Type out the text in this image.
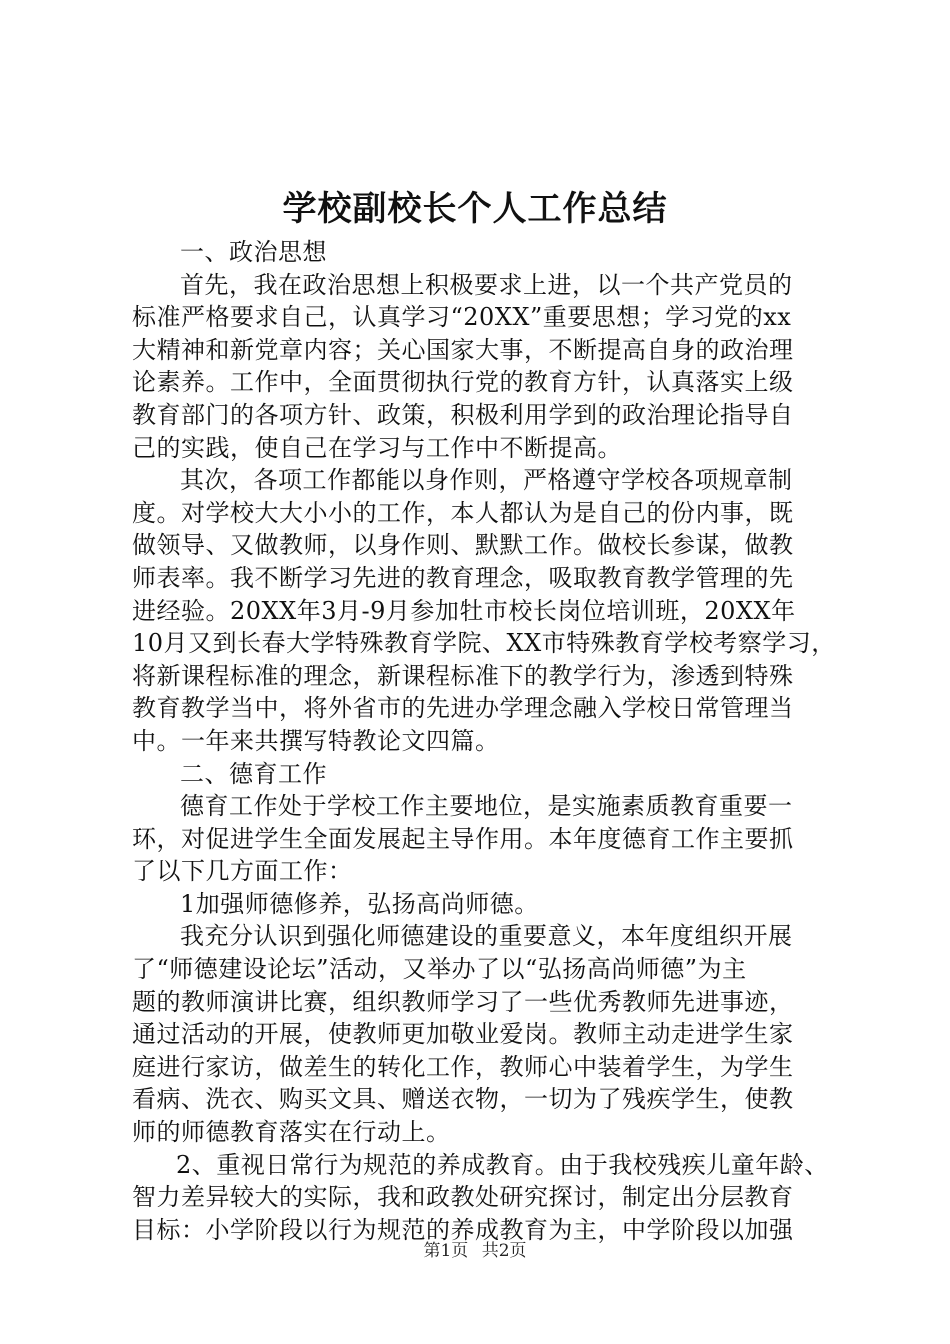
学校副校长个人工作总结
一、政治思想
首先，我在政治思想上积极要求上进，以一个共产党员的
标准严格要求自己，认真学习“20XX”重要思想；学习党的xx
大精神和新党章内容；关心国家大事，不断提高自身的政治理
论素养。工作中，全面贯彻执行党的教育方针，认真落实上级
教育部门的各项方针、政策，积极利用学到的政治理论指导自
己的实践，使自己在学习与工作中不断提高。
其次，各项工作都能以身作则，严格遵守学校各项规章制
度。对学校大大小小的工作，本人都认为是自己的份内事，既
做领导、又做教师，以身作则、默默工作。做校长参谋，做教
师表率。我不断学习先进的教育理念，吸取教育教学管理的先
进经验。20XX年3月-9月参加牡市校长岗位培训班，20XX年
10月又到长春大学特殊教育学院、XX市特殊教育学校考察学习，
将新课程标准的理念，新课程标准下的教学行为，渗透到特殊
教育教学当中，将外省市的先进办学理念融入学校日常管理当
中。一年来共撰写特教论文四篇。
二、德育工作
德育工作处于学校工作主要地位，是实施素质教育重要一
环，对促进学生全面发展起主导作用。本年度德育工作主要抓
了以下几方面工作：
1加强师德修养，弘扬高尚师德。
我充分认识到强化师德建设的重要意义，本年度组织开展
了“师德建设论坛”活动，又举办了以“弘扬高尚师德”为主
题的教师演讲比赛，组织教师学习了一些优秀教师先进事迹，
通过活动的开展，使教师更加敬业爱岗。教师主动走进学生家
庭进行家访，做差生的转化工作，教师心中装着学生，为学生
看病、洗衣、购买文具、赠送衣物，一切为了残疾学生，使教
师的师德教育落实在行动上。
2、重视日常行为规范的养成教育。由于我校残疾儿童年龄、
智力差异较大的实际，我和政教处研究探讨，制定出分层教育
目标：小学阶段以行为规范的养成教育为主，中学阶段以加强
第1页 共2页
